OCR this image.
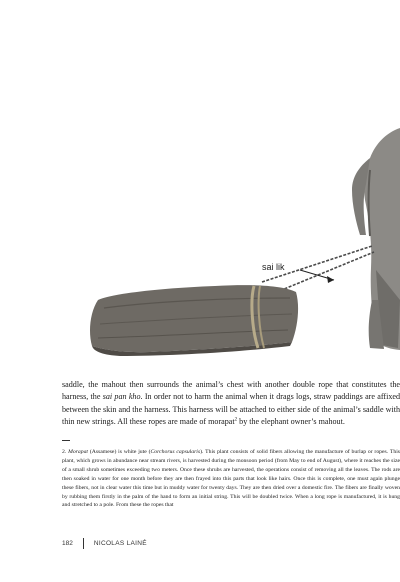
sai lik

saddle, the mahout then surrounds the animal’s chest with another double rope that constitutes the harness, the sai pan kho. In order not to harm the animal when it drags logs, straw paddings are affixed between the skin and the harness. This harness will be attached to either side of the animal’s saddle with thin new strings. All these ropes are made of morapat$^2$ by the elephant owner’s mahout.

2. Morapat (Assamese) is white jute (Corchorus capsularis). This plant consists of solid fibers allowing the manufacture of burlap or ropes. This plant, which grows in abundance near stream rivers, is harvested during the monsoon period (from May to end of August), where it reaches the size of a small shrub sometimes exceeding two meters. Once these shrubs are harvested, the operations consist of removing all the leaves. The rods are then soaked in water for one month before they are then frayed into this parts that look like hairs. Once this is complete, one must again plunge these fibers, not in clear water this time but in muddy water for twenty days. They are then dried over a domestic fire. The fibers are finally woven by rubbing them firstly in the palm of the hand to form an initial string. This will be doubled twice. When a long rope is manufactured, it is hung and stretched to a pole. From these the ropes that

182	NICOLAS LAINÉ
